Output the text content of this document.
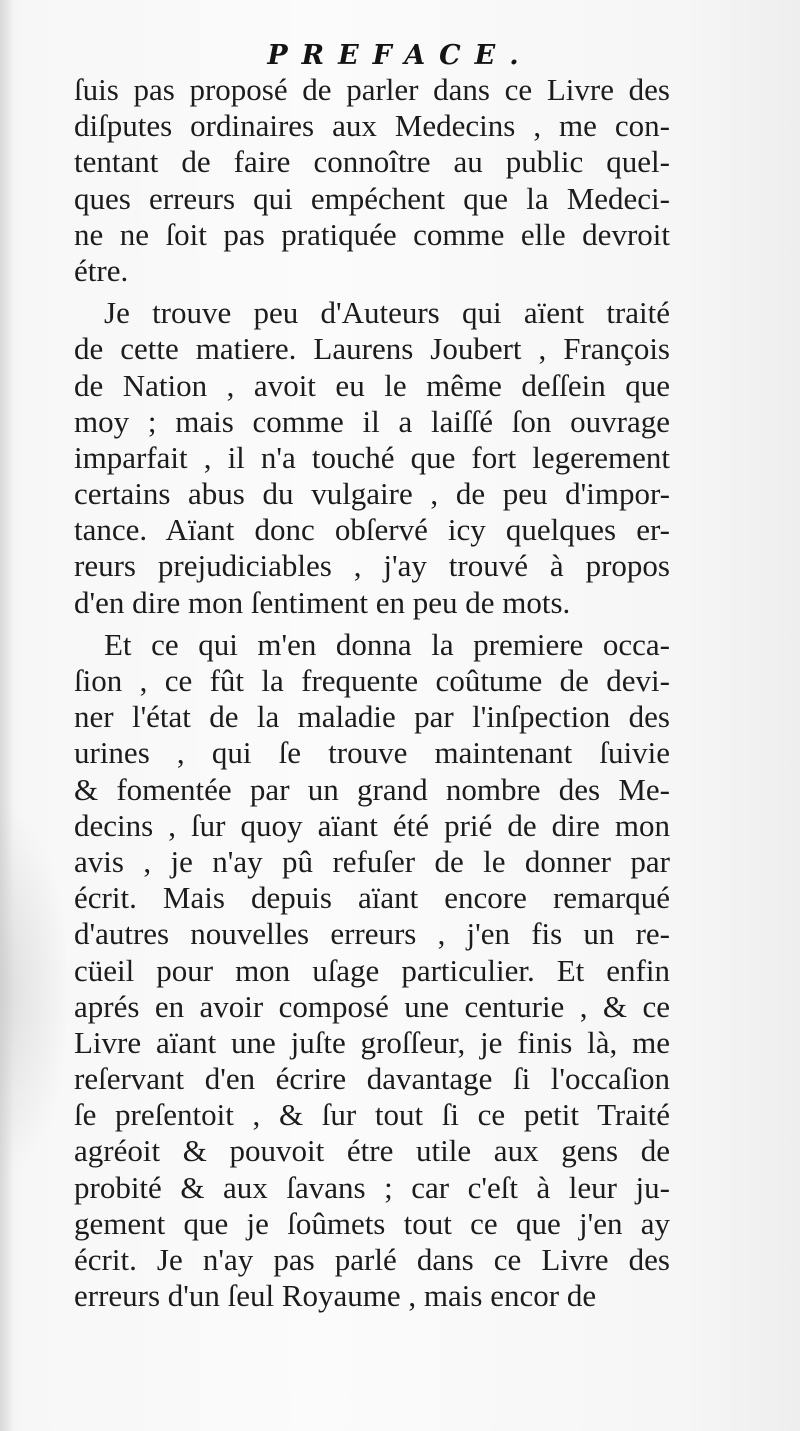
PREFACE.
ſuis pas proposé de parler dans ce Livre des
diſputes ordinaires aux Medecins , me con-
tentant de faire connoître au public quel-
ques erreurs qui empéchent que la Medeci-
ne ne ſoit pas pratiquée comme elle devroit
étre.
Je trouve peu d'Auteurs qui aïent traité
de cette matiere. Laurens Joubert , François
de Nation , avoit eu le même deſſein que
moy ; mais comme il a laiſſé ſon ouvrage
imparfait , il n'a touché que fort legerement
certains abus du vulgaire , de peu d'impor-
tance. Aïant donc obſervé icy quelques er-
reurs prejudiciables , j'ay trouvé à propos
d'en dire mon ſentiment en peu de mots.
Et ce qui m'en donna la premiere occa-
ſion , ce fût la frequente coûtume de devi-
ner l'état de la maladie par l'inſpection des
urines , qui ſe trouve maintenant ſuivie
& fomentée par un grand nombre des Me-
decins , ſur quoy aïant été prié de dire mon
avis , je n'ay pû refuſer de le donner par
écrit. Mais depuis aïant encore remarqué
d'autres nouvelles erreurs , j'en fis un re-
cüeil pour mon uſage particulier. Et enfin
aprés en avoir composé une centurie , & ce
Livre aïant une juſte groſſeur, je finis là, me
reſervant d'en écrire davantage ſi l'occaſion
ſe preſentoit , & ſur tout ſi ce petit Traité
agréoit & pouvoit étre utile aux gens de
probité & aux ſavans ; car c'eſt à leur ju-
gement que je ſoûmets tout ce que j'en ay
écrit. Je n'ay pas parlé dans ce Livre des
erreurs d'un ſeul Royaume , mais encor de
